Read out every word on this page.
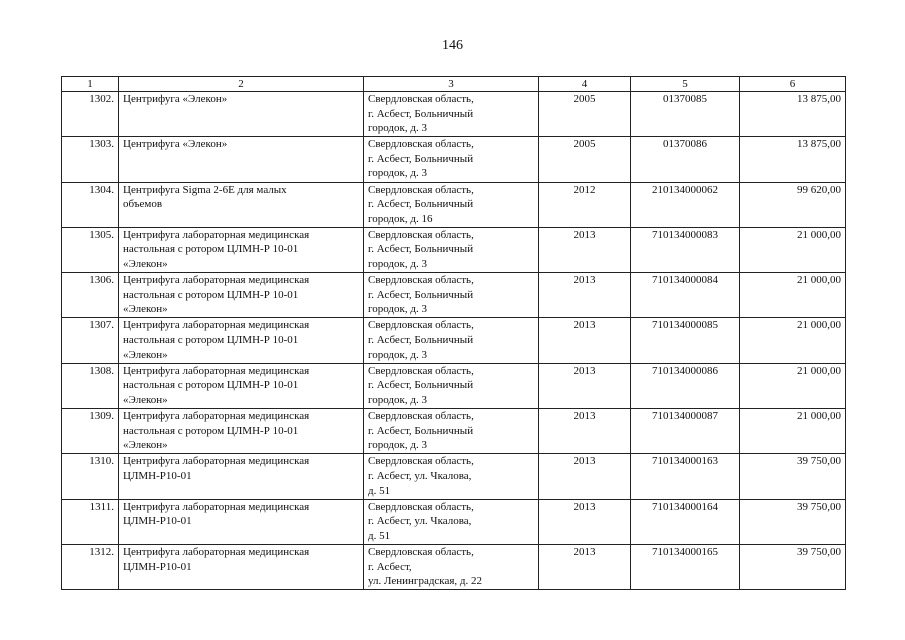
146
1	2	3	4	5	6
1302.	Центрифуга «Элекон»	Свердловская область,
г. Асбест, Больничный
городок, д. 3	2005	01370085	13 875,00
1303.	Центрифуга «Элекон»	Свердловская область,
г. Асбест, Больничный
городок, д. 3	2005	01370086	13 875,00
1304.	Центрифуга Sigma 2-6E для малых
объемов	Свердловская область,
г. Асбест, Больничный
городок, д. 16	2012	210134000062	99 620,00
1305.	Центрифуга лабораторная медицинская
настольная с ротором ЦЛМН-Р 10-01
«Элекон»	Свердловская область,
г. Асбест, Больничный
городок, д. 3	2013	710134000083	21 000,00
1306.	Центрифуга лабораторная медицинская
настольная с ротором ЦЛМН-Р 10-01
«Элекон»	Свердловская область,
г. Асбест, Больничный
городок, д. 3	2013	710134000084	21 000,00
1307.	Центрифуга лабораторная медицинская
настольная с ротором ЦЛМН-Р 10-01
«Элекон»	Свердловская область,
г. Асбест, Больничный
городок, д. 3	2013	710134000085	21 000,00
1308.	Центрифуга лабораторная медицинская
настольная с ротором ЦЛМН-Р 10-01
«Элекон»	Свердловская область,
г. Асбест, Больничный
городок, д. 3	2013	710134000086	21 000,00
1309.	Центрифуга лабораторная медицинская
настольная с ротором ЦЛМН-Р 10-01
«Элекон»	Свердловская область,
г. Асбест, Больничный
городок, д. 3	2013	710134000087	21 000,00
1310.	Центрифуга лабораторная медицинская
ЦЛМН-Р10-01	Свердловская область,
г. Асбест, ул. Чкалова,
д. 51	2013	710134000163	39 750,00
1311.	Центрифуга лабораторная медицинская
ЦЛМН-Р10-01	Свердловская область,
г. Асбест, ул. Чкалова,
д. 51	2013	710134000164	39 750,00
1312.	Центрифуга лабораторная медицинская
ЦЛМН-Р10-01	Свердловская область,
г. Асбест,
ул. Ленинградская, д. 22	2013	710134000165	39 750,00
